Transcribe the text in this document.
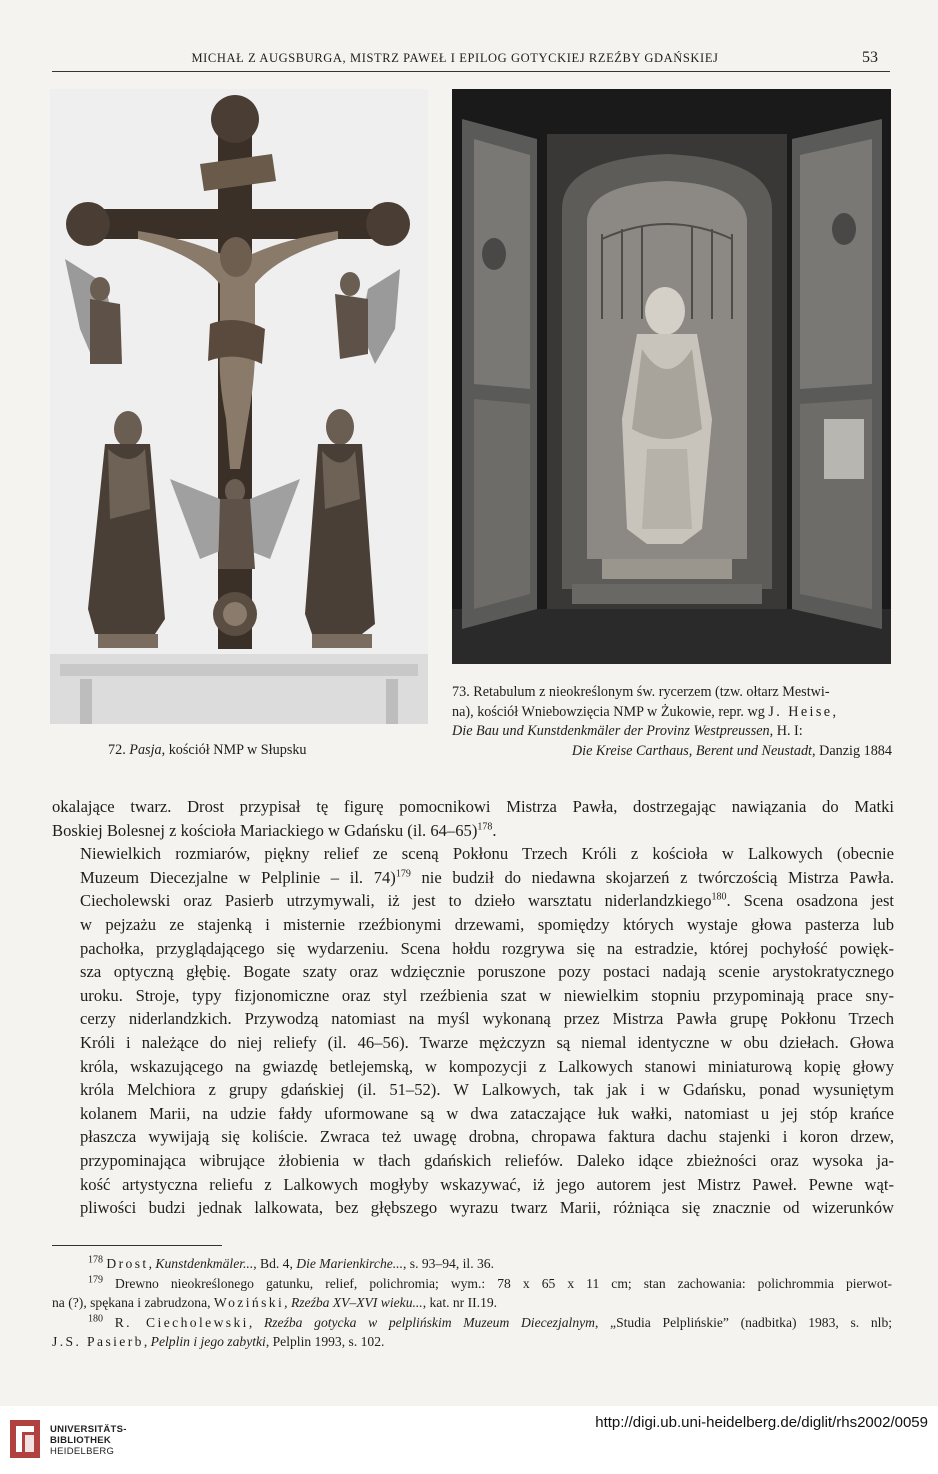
MICHAŁ Z AUGSBURGA, MISTRZ PAWEŁ I EPILOG GOTYCKIEJ RZEŹBY GDAŃSKIEJ	53
72. Pasja, kościół NMP w Słupsku
73. Retabulum z nieokreślonym św. rycerzem (tzw. ołtarz Mestwi-
na), kościół Wniebowzięcia NMP w Żukowie, repr. wg J. Heise,
Die Bau und Kunstdenkmäler der Provinz Westpreussen, H. I:
Die Kreise Carthaus, Berent und Neustadt, Danzig 1884

okalające twarz. Drost przypisał tę figurę pomocnikowi Mistrza Pawła, dostrzegając nawiązania do Matki
Boskiej Bolesnej z kościoła Mariackiego w Gdańsku (il. 64–65)$^{178}$.

Niewielkich rozmiarów, piękny relief ze sceną Pokłonu Trzech Króli z kościoła w Lalkowych (obecnie
Muzeum Diecezjalne w Pelplinie – il. 74)$^{179}$ nie budził do niedawna skojarzeń z twórczością Mistrza Pawła.
Ciecholewski oraz Pasierb utrzymywali, iż jest to dzieło warsztatu niderlandzkiego$^{180}$. Scena osadzona jest
w pejzażu ze stajenką i misternie rzeźbionymi drzewami, spomiędzy których wystaje głowa pasterza lub
pachołka, przyglądającego się wydarzeniu. Scena hołdu rozgrywa się na estradzie, której pochyłość powięk-
sza optyczną głębię. Bogate szaty oraz wdzięcznie poruszone pozy postaci nadają scenie arystokratycznego
uroku. Stroje, typy fizjonomiczne oraz styl rzeźbienia szat w niewielkim stopniu przypominają prace sny-
cerzy niderlandzkich. Przywodzą natomiast na myśl wykonaną przez Mistrza Pawła grupę Pokłonu Trzech
Króli i należące do niej reliefy (il. 46–56). Twarze mężczyzn są niemal identyczne w obu dziełach. Głowa
króla, wskazującego na gwiazdę betlejemską, w kompozycji z Lalkowych stanowi miniaturową kopię głowy
króla Melchiora z grupy gdańskiej (il. 51–52). W Lalkowych, tak jak i w Gdańsku, ponad wysuniętym
kolanem Marii, na udzie fałdy uformowane są w dwa zataczające łuk wałki, natomiast u jej stóp krańce
płaszcza wywijają się koliście. Zwraca też uwagę drobna, chropawa faktura dachu stajenki i koron drzew,
przypominająca wibrujące żłobienia w tłach gdańskich reliefów. Daleko idące zbieżności oraz wysoka ja-
kość artystyczna reliefu z Lalkowych mogłyby wskazywać, iż jego autorem jest Mistrz Paweł. Pewne wąt-
pliwości budzi jednak lalkowata, bez głębszego wyrazu twarz Marii, różniąca się znacznie od wizerunków

$^{178}$ Drost, Kunstdenkmäler..., Bd. 4, Die Marienkirche..., s. 93–94, il. 36.
$^{179}$ Drewno nieokreślonego gatunku, relief, polichromia; wym.: 78 x 65 x 11 cm; stan zachowania: polichrommia pierwot-
na (?), spękana i zabrudzona, Woziński, Rzeźba XV–XVI wieku..., kat. nr II.19.
$^{180}$ R. Ciecholewski, Rzeźba gotycka w pelplińskim Muzeum Diecezjalnym, „Studia Pelplińskie” (nadbitka) 1983, s. nlb;
J.S. Pasierb, Pelplin i jego zabytki, Pelplin 1993, s. 102.
UNIVERSITÄTS-
BIBLIOTHEK
HEIDELBERG
http://digi.ub.uni-heidelberg.de/diglit/rhs2002/0059
